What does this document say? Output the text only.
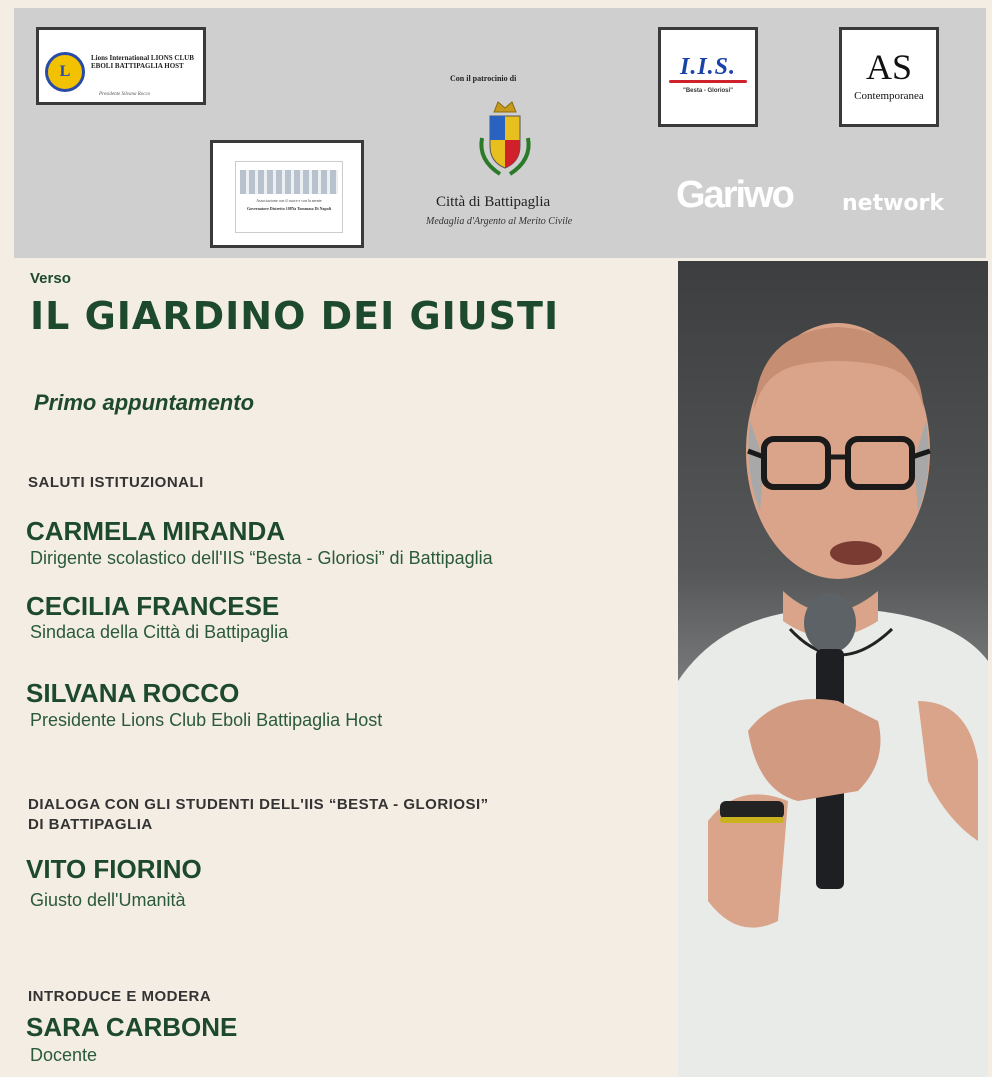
L
Lions International LIONS CLUB EBOLI BATTIPAGLIA HOST
Presidente Silvana Rocco
Associazione con il cuore e con la mente
Governatore Distretto 108Ya Tommaso Di Napoli
Con il patrocinio di
Città di Battipaglia
Medaglia d'Argento al Merito Civile
I.I.S.
"Besta - Gloriosi"
AS
Contemporanea
Gariwo network
Verso
IL GIARDINO DEI GIUSTI
Primo appuntamento
SALUTI ISTITUZIONALI
CARMELA MIRANDA
Dirigente scolastico dell'IIS “Besta - Gloriosi” di Battipaglia
CECILIA FRANCESE
Sindaca della Città di Battipaglia
SILVANA ROCCO
Presidente Lions Club Eboli Battipaglia Host
DIALOGA CON GLI STUDENTI DELL'IIS “BESTA - GLORIOSI”
DI BATTIPAGLIA
VITO FIORINO
Giusto dell'Umanità
INTRODUCE E MODERA
SARA CARBONE
Docente
